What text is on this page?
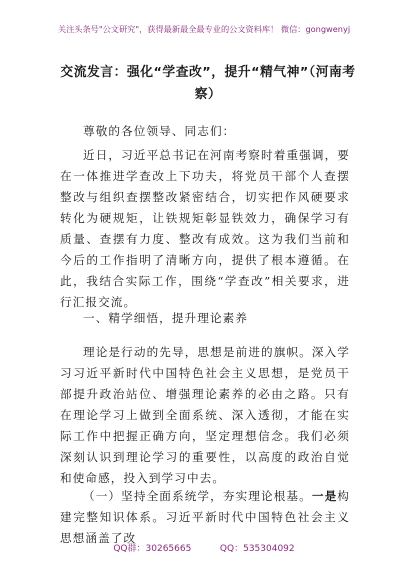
关注头条号"公文研究"，获得最新最全最专业的公文资料库！ 微信：gongwenyj
交流发言：强化“学查改”，提升“精气神”（河南考察）
尊敬的各位领导、同志们：
近日，习近平总书记在河南考察时着重强调，要在一体推进学查改上下功夫，将党员干部个人查摆整改与组织查摆整改紧密结合，切实把作风硬要求转化为硬规矩，让铁规矩彰显铁效力，确保学习有质量、查摆有力度、整改有成效。这为我们当前和今后的工作指明了清晰方向，提供了根本遵循。在此，我结合实际工作，围绕“学查改”相关要求，进行汇报交流。
一、精学细悟，提升理论素养
理论是行动的先导，思想是前进的旗帜。深入学习习近平新时代中国特色社会主义思想，是党员干部提升政治站位、增强理论素养的必由之路。只有在理论学习上做到全面系统、深入透彻，才能在实际工作中把握正确方向，坚定理想信念。我们必须深刻认识到理论学习的重要性，以高度的政治自觉和使命感，投入到学习中去。
（一）坚持全面系统学，夯实理论根基。一是构建完整知识体系。习近平新时代中国特色社会主义思想涵盖了改
QQ群：30265665          QQ：535304092
